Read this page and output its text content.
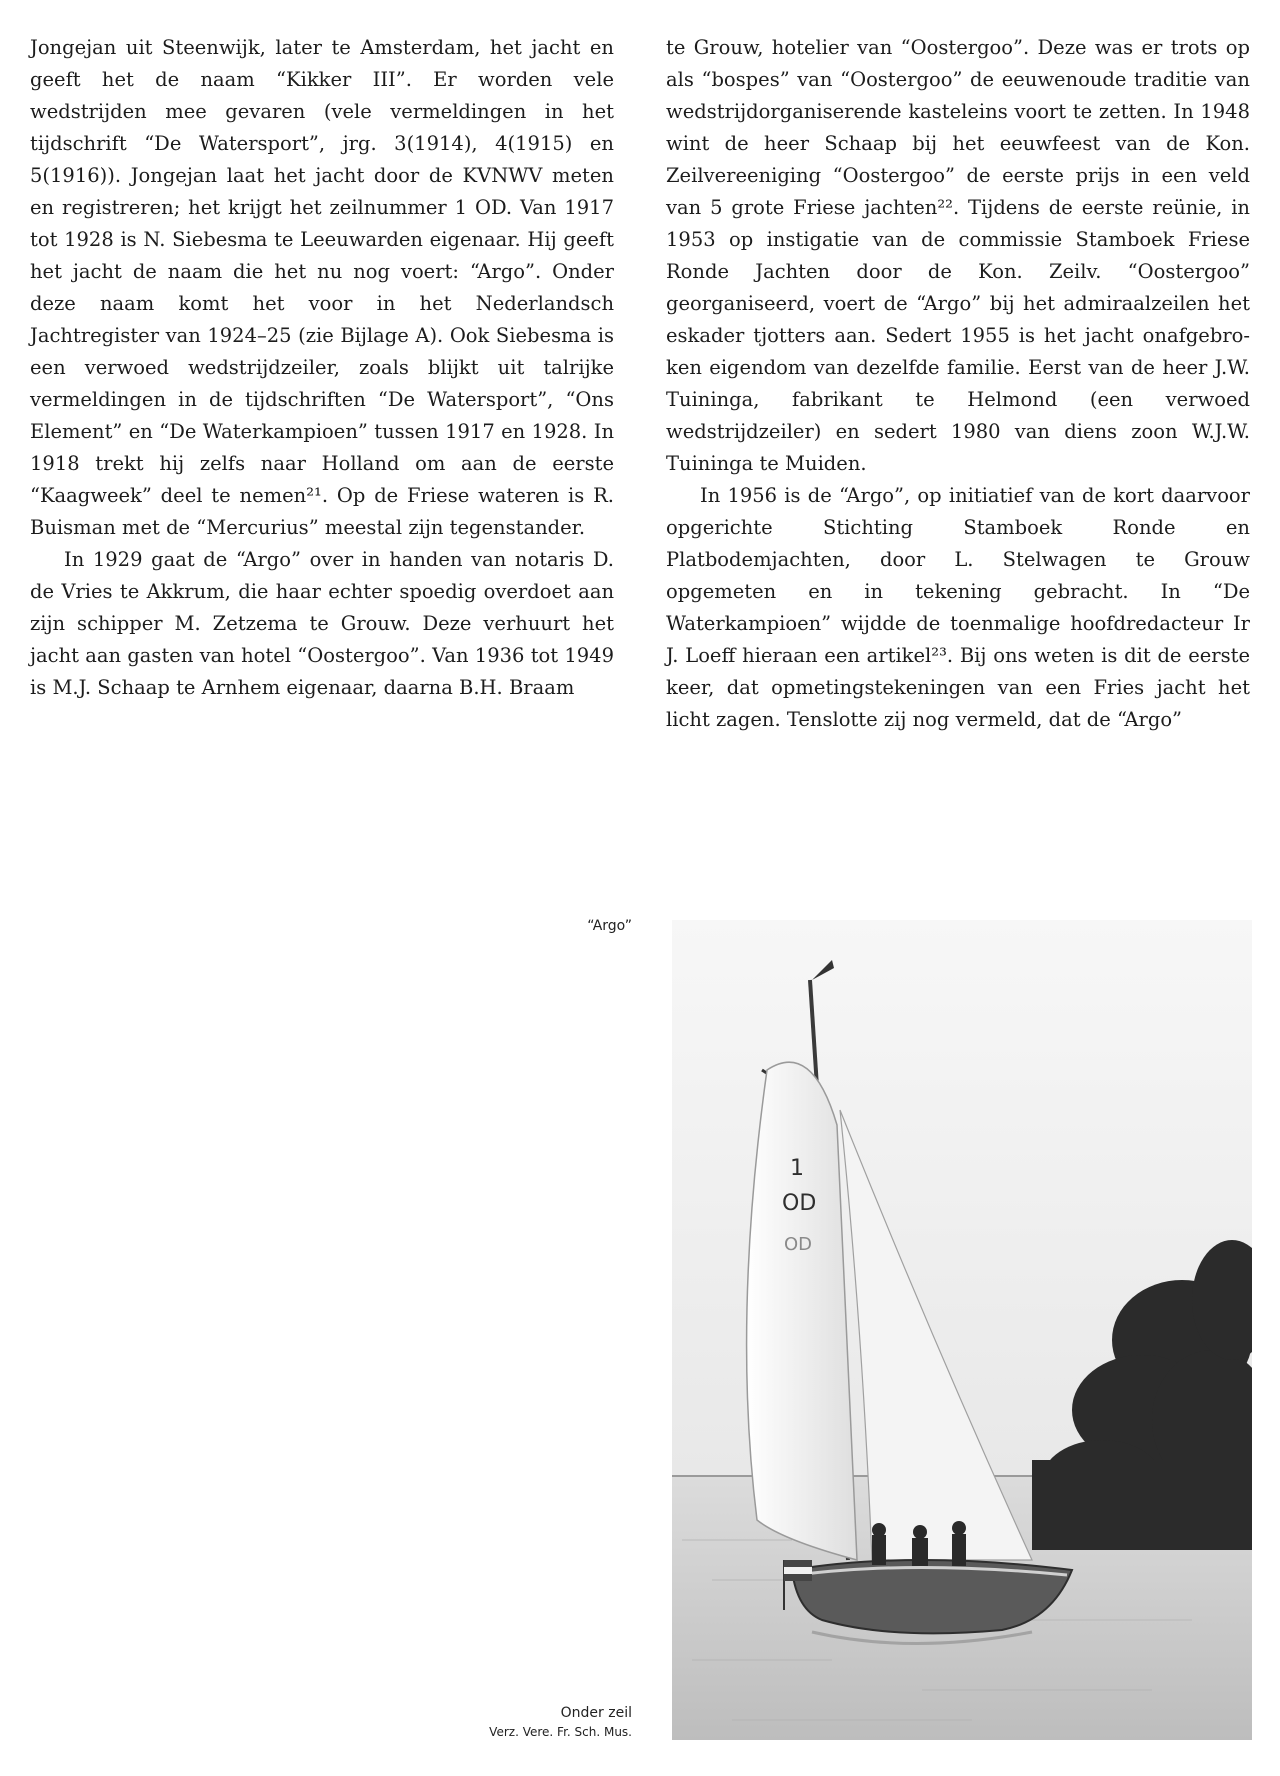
Jongejan uit Steenwijk, later te Amsterdam, het jacht en geeft het de naam “Kikker III”. Er worden vele wedstrijden mee gevaren (vele vermeldingen in het tijdschrift “De Watersport”, jrg. 3(1914), 4(1915) en 5(1916)). Jongejan laat het jacht door de KVNWV meten en registreren; het krijgt het zeilnummer 1 OD. Van 1917 tot 1928 is N. Siebesma te Leeuwarden eigenaar. Hij geeft het jacht de naam die het nu nog voert: “Argo”. Onder deze naam komt het voor in het Nederlandsch Jachtregister van 1924–25 (zie Bijlage A). Ook Siebesma is een verwoed wedstrijdzeiler, zoals blijkt uit talrijke vermeldingen in de tijdschriften “De Watersport”, “Ons Element” en “De Waterkampioen” tussen 1917 en 1928. In 1918 trekt hij zelfs naar Holland om aan de eerste “Kaagweek” deel te nemen²¹. Op de Friese wateren is R. Buisman met de “Mercurius” meestal zijn tegenstander.

In 1929 gaat de “Argo” over in handen van notaris D. de Vries te Akkrum, die haar echter spoedig overdoet aan zijn schipper M. Zetzema te Grouw. Deze verhuurt het jacht aan gasten van hotel “Oostergoo”. Van 1936 tot 1949 is M.J. Schaap te Arnhem eigenaar, daarna B.H. Braam

te Grouw, hotelier van “Oostergoo”. Deze was er trots op als “bospes” van “Oostergoo” de eeuwenoude traditie van wedstrijdorganiserende kasteleins voort te zetten. In 1948 wint de heer Schaap bij het eeuwfeest van de Kon. Zeilvereeniging “Oostergoo” de eerste prijs in een veld van 5 grote Friese jachten²². Tijdens de eerste reünie, in 1953 op instigatie van de commissie Stamboek Friese Ronde Jachten door de Kon. Zeilv. “Oostergoo” georganiseerd, voert de “Argo” bij het admiraalzeilen het eskader tjotters aan. Sedert 1955 is het jacht onafgebroken eigendom van dezelfde familie. Eerst van de heer J.W. Tuininga, fabrikant te Helmond (een verwoed wedstrijdzeiler) en sedert 1980 van diens zoon W.J.W. Tuininga te Muiden.

In 1956 is de “Argo”, op initiatief van de kort daarvoor opgerichte Stichting Stamboek Ronde en Platbodemjachten, door L. Stelwagen te Grouw opgemeten en in tekening gebracht. In “De Waterkampioen” wijdde de toenmalige hoofdredacteur Ir J. Loeff hieraan een artikel²³. Bij ons weten is dit de eerste keer, dat opmetingstekeningen van een Fries jacht het licht zagen. Tenslotte zij nog vermeld, dat de “Argo”

“Argo”
Onder zeil
Verz. Vere. Fr. Sch. Mus.
1
OD
OD
